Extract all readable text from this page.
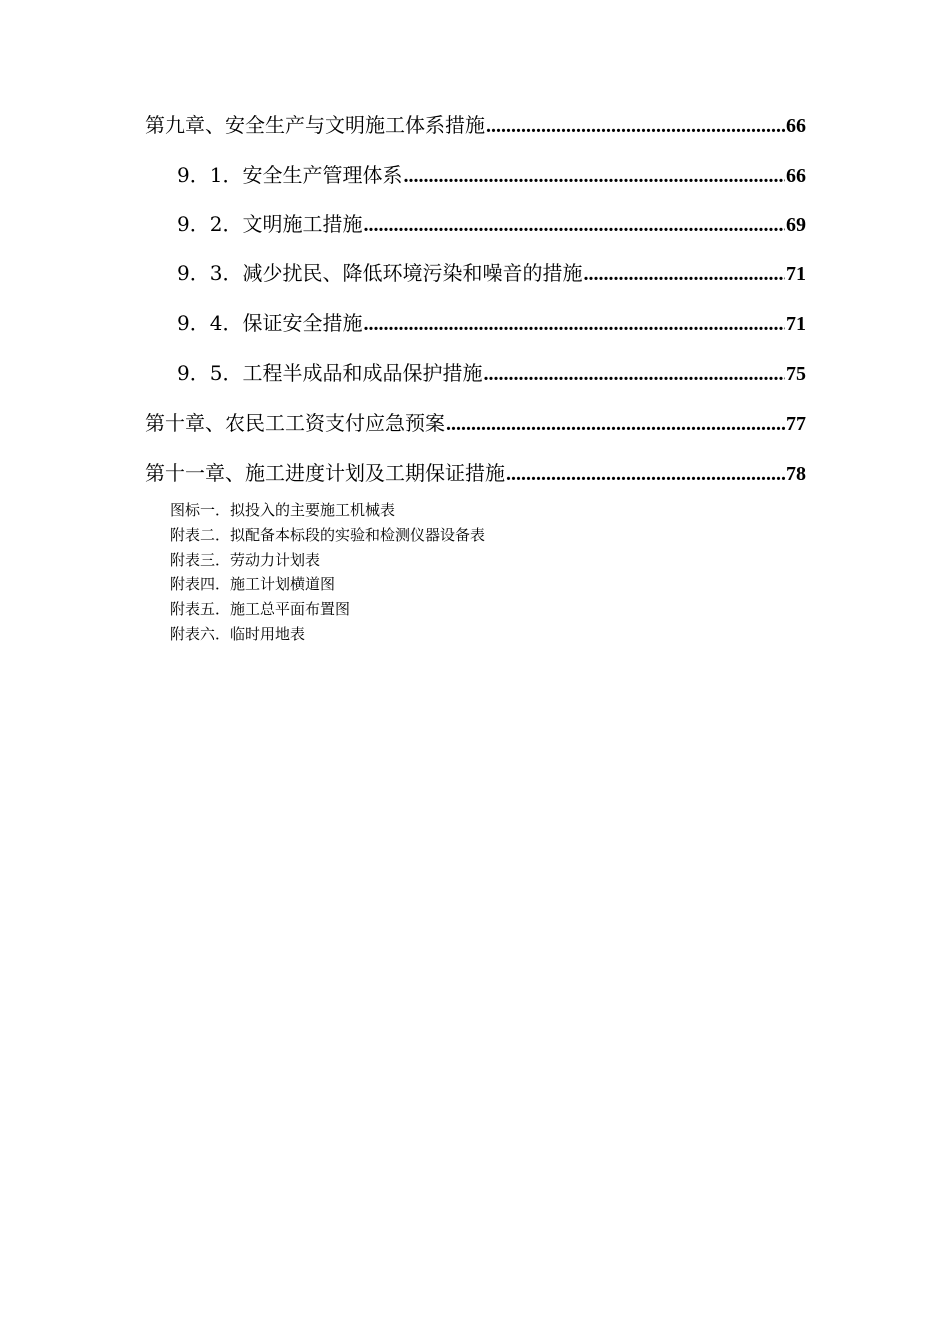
第九章、安全生产与文明施工体系措施 .....	66
9．1．安全生产管理体系 .....	66
9．2．文明施工措施 .....	69
9．3．减少扰民、降低环境污染和噪音的措施 .....	71
9．4．保证安全措施 .....	71
9．5．工程半成品和成品保护措施 .....	75
第十章、农民工工资支付应急预案 .....	77
第十一章、施工进度计划及工期保证措施 .....	78
图标一．拟投入的主要施工机械表
附表二．拟配备本标段的实验和检测仪器设备表
附表三．劳动力计划表
附表四．施工计划横道图
附表五．施工总平面布置图
附表六．临时用地表
